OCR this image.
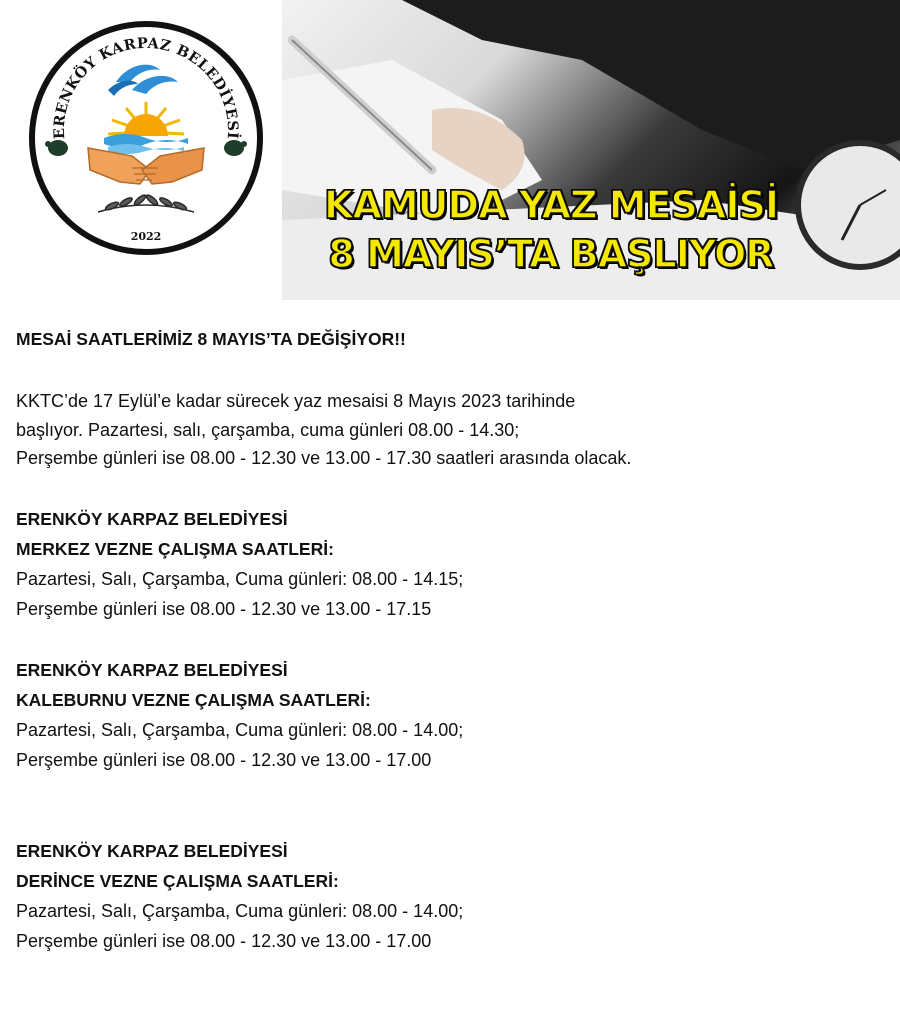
ERENKÖY KARPAZ BELEDİYESİ
2022
KAMUDA YAZ MESAİSİ
8 MAYIS’TA BAŞLIYOR

MESAİ SAATLERİMİZ 8 MAYIS’TA DEĞİŞİYOR!!

KKTC’de 17 Eylül’e kadar sürecek yaz mesaisi 8 Mayıs 2023 tarihinde

başlıyor. Pazartesi, salı, çarşamba, cuma günleri 08.00 - 14.30;

Perşembe günleri ise 08.00 - 12.30 ve 13.00 - 17.30 saatleri arasında olacak.

ERENKÖY KARPAZ BELEDİYESİ

MERKEZ VEZNE ÇALIŞMA SAATLERİ:

Pazartesi, Salı, Çarşamba, Cuma günleri: 08.00 - 14.15;

Perşembe günleri ise 08.00 - 12.30 ve 13.00 - 17.15

ERENKÖY KARPAZ BELEDİYESİ

KALEBURNU VEZNE ÇALIŞMA SAATLERİ:

Pazartesi, Salı, Çarşamba, Cuma günleri: 08.00 - 14.00;

Perşembe günleri ise 08.00 - 12.30 ve 13.00 - 17.00

ERENKÖY KARPAZ BELEDİYESİ

DERİNCE VEZNE ÇALIŞMA SAATLERİ:

Pazartesi, Salı, Çarşamba, Cuma günleri: 08.00 - 14.00;

Perşembe günleri ise 08.00 - 12.30 ve 13.00 - 17.00
